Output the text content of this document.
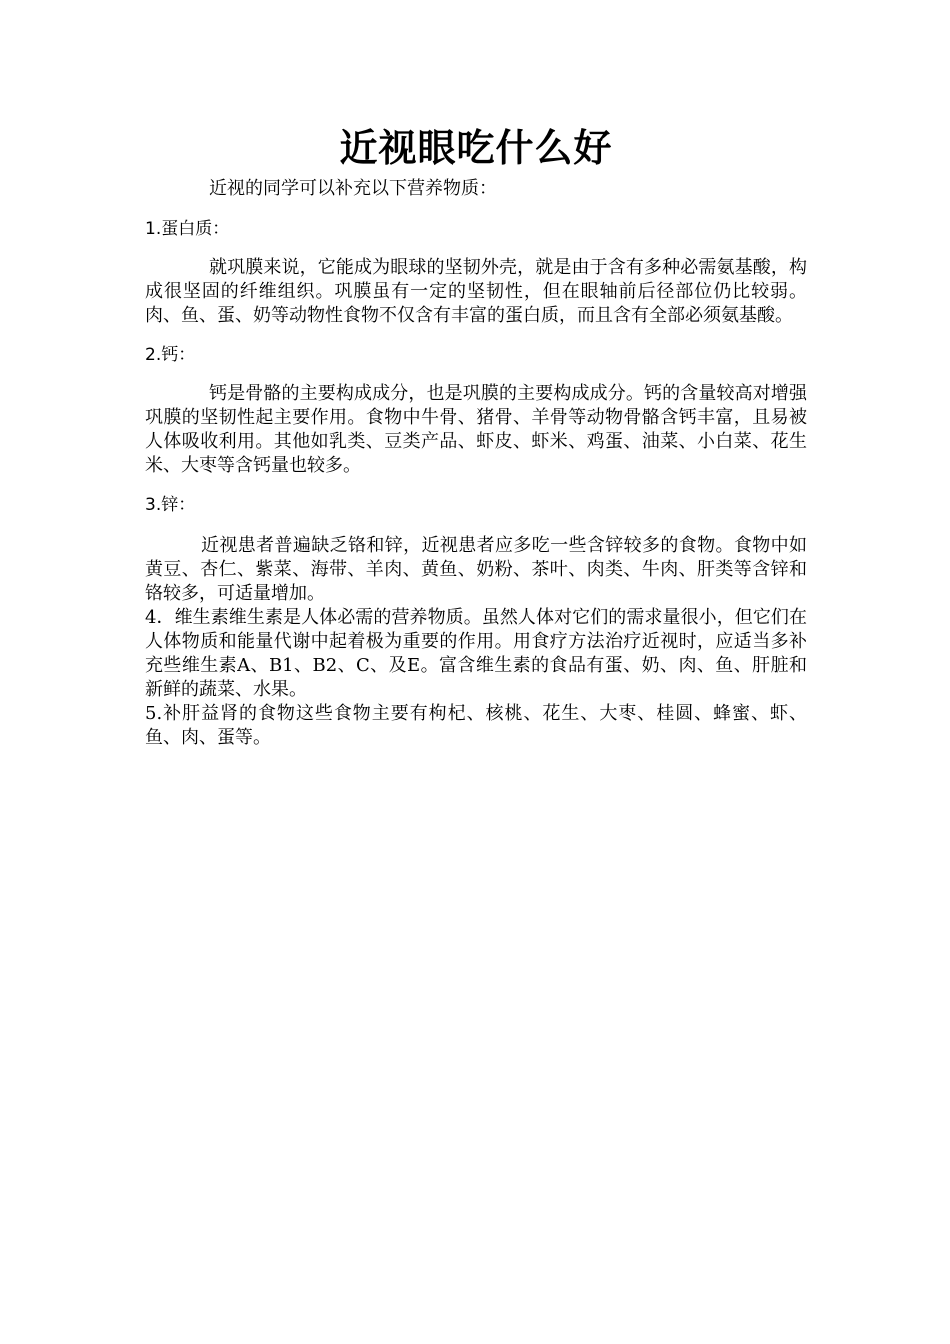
近视眼吃什么好

近视的同学可以补充以下营养物质：

1.蛋白质：

就巩膜来说，它能成为眼球的坚韧外壳，就是由于含有多种必需氨基酸，构成很坚固的纤维组织。巩膜虽有一定的坚韧性，但在眼轴前后径部位仍比较弱。肉、鱼、蛋、奶等动物性食物不仅含有丰富的蛋白质，而且含有全部必须氨基酸。

2.钙：

钙是骨骼的主要构成成分，也是巩膜的主要构成成分。钙的含量较高对增强巩膜的坚韧性起主要作用。食物中牛骨、猪骨、羊骨等动物骨骼含钙丰富，且易被人体吸收利用。其他如乳类、豆类产品、虾皮、虾米、鸡蛋、油菜、小白菜、花生米、大枣等含钙量也较多。

3.锌：

近视患者普遍缺乏铬和锌，近视患者应多吃一些含锌较多的食物。食物中如黄豆、杏仁、紫菜、海带、羊肉、黄鱼、奶粉、茶叶、肉类、牛肉、肝类等含锌和铬较多，可适量增加。

4．维生素维生素是人体必需的营养物质。虽然人体对它们的需求量很小，但它们在人体物质和能量代谢中起着极为重要的作用。用食疗方法治疗近视时，应适当多补充些维生素A、B1、B2、C、及E。富含维生素的食品有蛋、奶、肉、鱼、肝脏和新鲜的蔬菜、水果。

5.补肝益肾的食物这些食物主要有枸杞、核桃、花生、大枣、桂圆、蜂蜜、虾、鱼、肉、蛋等。
